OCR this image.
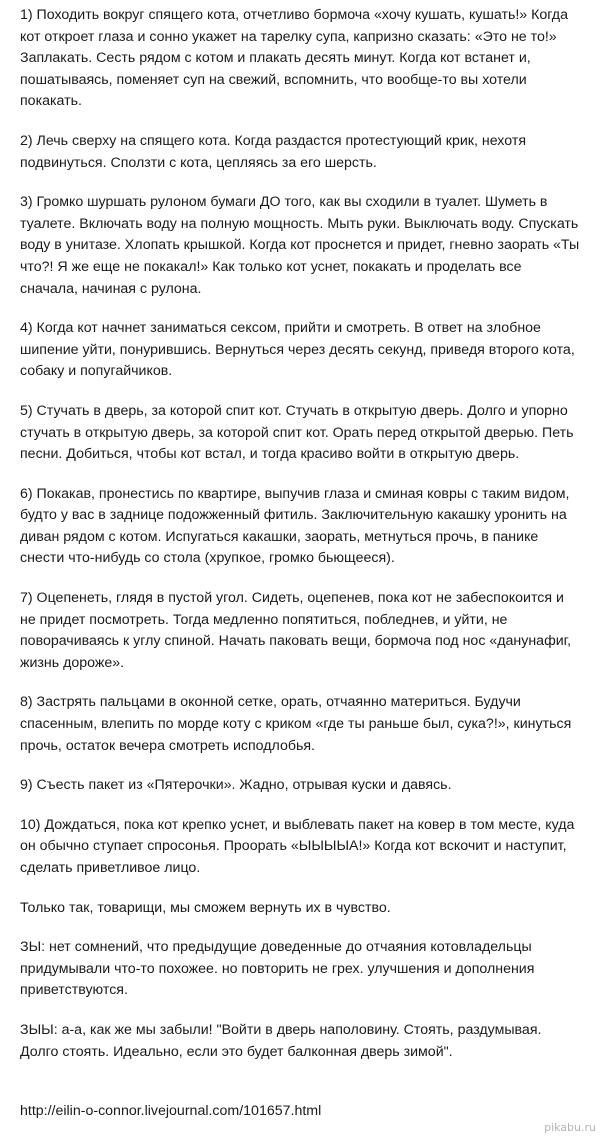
1) Походить вокруг спящего кота, отчетливо бормоча «хочу кушать, кушать!» Когда кот откроет глаза и сонно укажет на тарелку супа, капризно сказать: «Это не то!» Заплакать. Сесть рядом с котом и плакать десять минут. Когда кот встанет и, пошатываясь, поменяет суп на свежий, вспомнить, что вообще-то вы хотели покакать.

2) Лечь сверху на спящего кота. Когда раздастся протестующий крик, нехотя подвинуться. Сползти с кота, цепляясь за его шерсть.

3) Громко шуршать рулоном бумаги ДО того, как вы сходили в туалет. Шуметь в туалете. Включать воду на полную мощность. Мыть руки. Выключать воду. Спускать воду в унитазе. Хлопать крышкой. Когда кот проснется и придет, гневно заорать «Ты что?! Я же еще не покакал!» Как только кот уснет, покакать и проделать все сначала, начиная с рулона.

4) Когда кот начнет заниматься сексом, прийти и смотреть. В ответ на злобное шипение уйти, понурившись. Вернуться через десять секунд, приведя второго кота, собаку и попугайчиков.

5) Стучать в дверь, за которой спит кот. Стучать в открытую дверь. Долго и упорно стучать в открытую дверь, за которой спит кот. Орать перед открытой дверью. Петь песни. Добиться, чтобы кот встал, и тогда красиво войти в открытую дверь.

6) Покакав, пронестись по квартире, выпучив глаза и сминая ковры с таким видом, будто у вас в заднице подожженный фитиль. Заключительную какашку уронить на диван рядом с котом. Испугаться какашки, заорать, метнуться прочь, в панике снести что-нибудь со стола (хрупкое, громко бьющееся).

7) Оцепенеть, глядя в пустой угол. Сидеть, оцепенев, пока кот не забеспокоится и не придет посмотреть. Тогда медленно попятиться, побледнев, и уйти, не поворачиваясь к углу спиной. Начать паковать вещи, бормоча под нос «данунафиг, жизнь дороже».

8) Застрять пальцами в оконной сетке, орать, отчаянно материться. Будучи спасенным, влепить по морде коту с криком «где ты раньше был, сука?!», кинуться прочь, остаток вечера смотреть исподлобья.

9) Съесть пакет из «Пятерочки». Жадно, отрывая куски и давясь.

10) Дождаться, пока кот крепко уснет, и выблевать пакет на ковер в том месте, куда он обычно ступает спросонья. Проорать «ЫЫЫЫА!» Когда кот вскочит и наступит, сделать приветливое лицо.

Только так, товарищи, мы сможем вернуть их в чувство.

ЗЫ: нет сомнений, что предыдущие доведенные до отчаяния котовладельцы придумывали что-то похожее. но повторить не грех. улучшения и дополнения приветствуются.

ЗЫЫ: а-а, как же мы забыли! "Войти в дверь наполовину. Стоять, раздумывая. Долго стоять. Идеально, если это будет балконная дверь зимой".

http://eilin-o-connor.livejournal.com/101657.html
pikabu.ru
